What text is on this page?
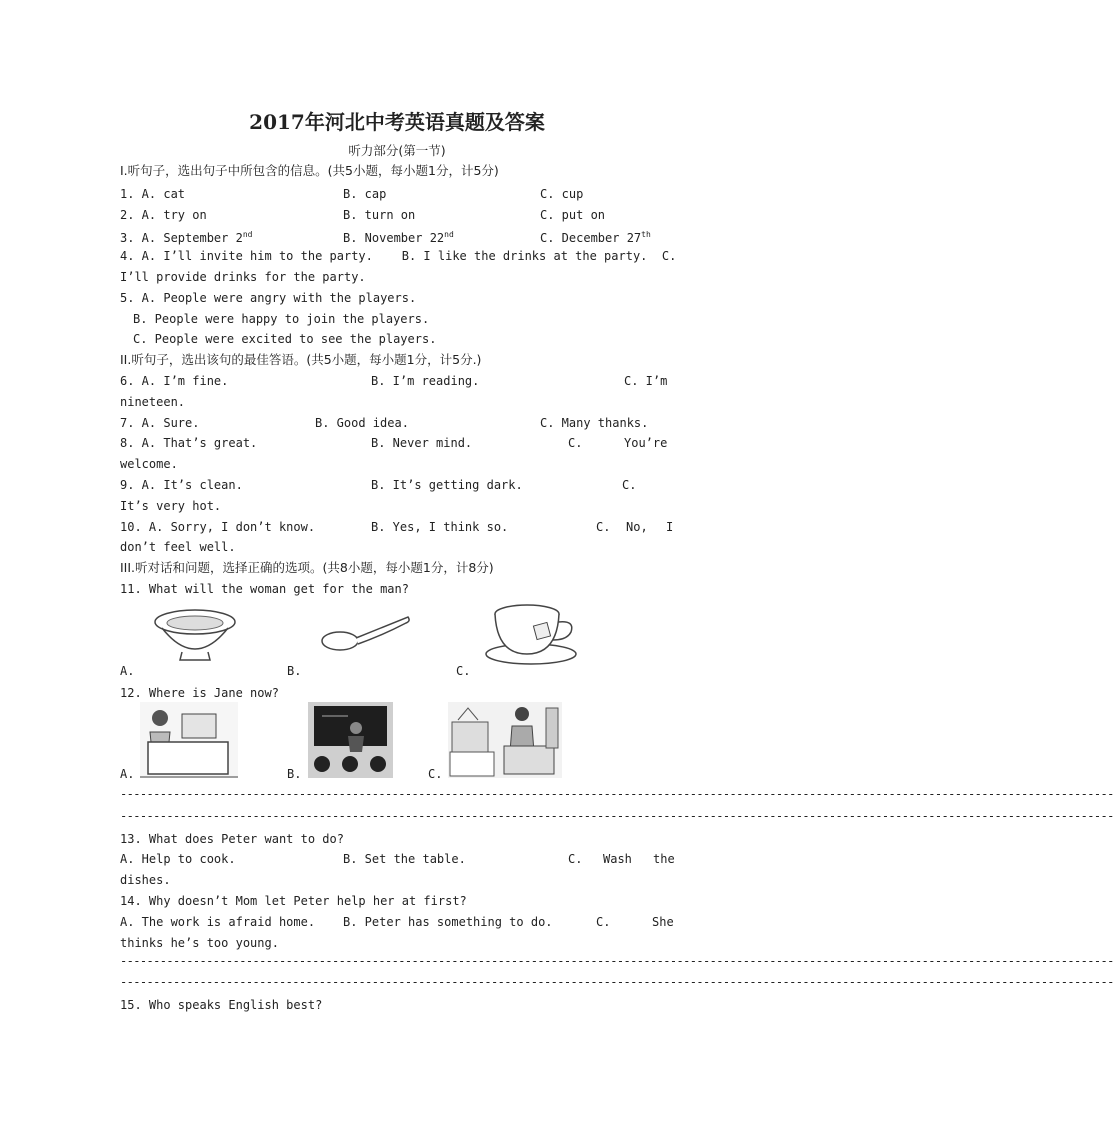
2017年河北中考英语真题及答案
听力部分(第一节)
I.听句子，选出句子中所包含的信息。(共5小题，每小题1分，计5分)
1. A. cat	B. cap	C. cup
2. A. try on	B. turn on	C. put on
3. A. September 2nd	B. November 22nd	C. December 27th
4. A. I’ll invite him to the party.    B. I like the drinks at the party.  C.
I’ll provide drinks for the party.
5. A. People were angry with the players.
B. People were happy to join the players.
C. People were excited to see the players.
II.听句子，选出该句的最佳答语。(共5小题，每小题1分，计5分.)
6. A. I’m fine.	B. I’m reading.	C. I’m
nineteen.
7. A. Sure.	B. Good idea.	C. Many thanks.
8. A. That’s great.	B. Never mind.	C.	You’re
welcome.
9. A. It’s clean.	B. It’s getting dark.	C.
It’s very hot.
10. A. Sorry, I don’t know.	B. Yes, I think so.	C. No, I
don’t feel well.
III.听对话和问题，选择正确的选项。(共8小题，每小题1分，计8分)
11. What will the woman get for the man?
A.	B.	C.
12. Where is Jane now?
A.	B.	C.
------------------------------------------------------------------------------------------------------------------------------------------------------
------------------------------------------------------------------------------------------------------------------------------------------------------
13. What does Peter want to do?
A. Help to cook.	B. Set the table.	C. Wash the
dishes.
14. Why doesn’t Mom let Peter help her at first?
A. The work is afraid home. B. Peter has something to do.	C.	She
thinks he’s too young.
------------------------------------------------------------------------------------------------------------------------------------------------------
------------------------------------------------------------------------------------------------------------------------------------------------------
15. Who speaks English best?
